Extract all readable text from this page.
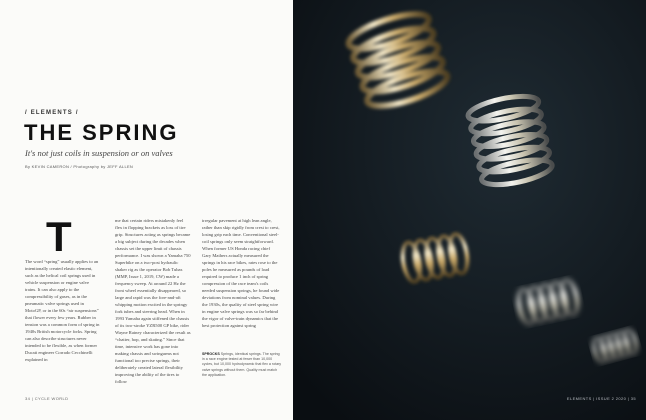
/ ELEMENTS /
THE SPRING
It's not just coils in suspension or on valves
By KEVIN CAMERON / Photography by JEFF ALLEN
T
The word “spring” usually applies to an intentionally created elastic element, such as the helical coil springs used in vehicle suspension or engine valve trains. It can also apply to the compressibility of gases, as in the pneumatic valve springs used in MotoGP, or in the 60s “air suspensions” that flower every few years. Rubber in tension was a common form of spring in 1940s British motorcycle forks. Spring can also describe structures never intended to be flexible, as when former Ducati engineer Corrado Cecchinelli explained in
me that certain riders mistakenly feel flex in flopping brackets as loss of tire grip. Structures acting as springs became a big subject during the decades when chassis set the upper limit of chassis performance. I was shown a Yamaha 750 Superbike on a two-post hydraulic shaker rig as the operator Bob Tubas (MMP, Issue 1, 2019, CW) made a frequency sweep. At around 22 Hz the front wheel essentially disappeared, so large and rapid was the fore-and-aft whipping motion excited in the springy fork tubes and steering head. When in 1993 Yamaha again stiffened the chassis of its two-stroke YZR500 GP bike, rider Wayne Rainey characterized the result as “chatter, hop, and skating.” Since that time, intensive work has gone into making chassis and swingarms not functional too precise springs, their deliberately created lateral flexibility improving the ability of the tires to follow
irregular pavement at high lean angle, rather than skip rigidly from crest to crest, losing grip each time. Conventional steel-coil springs only seem straightforward. When former US Honda racing chief Gary Mathers actually measured the springs in his race bikes, rates rose to the poles he measured as pounds of load required to produce 1 inch of spring compression of the race team's coils needed suspension springs, he found wide deviations from nominal values. During the 1930s, the quality of steel spring wire in engine valve springs was so far behind the vigor of valve-train dynamics that the best protection against spring
SPROCKS Springs, identical springs. The spring in a race engine tested at fewer than 10,000 cycles, but 10,000 hydrodynamic that flex a rotary valve springs without them. Quality must match the application.
34 | CYCLE WORLD	ELEMENTS | ISSUE 2 2020 | 35
